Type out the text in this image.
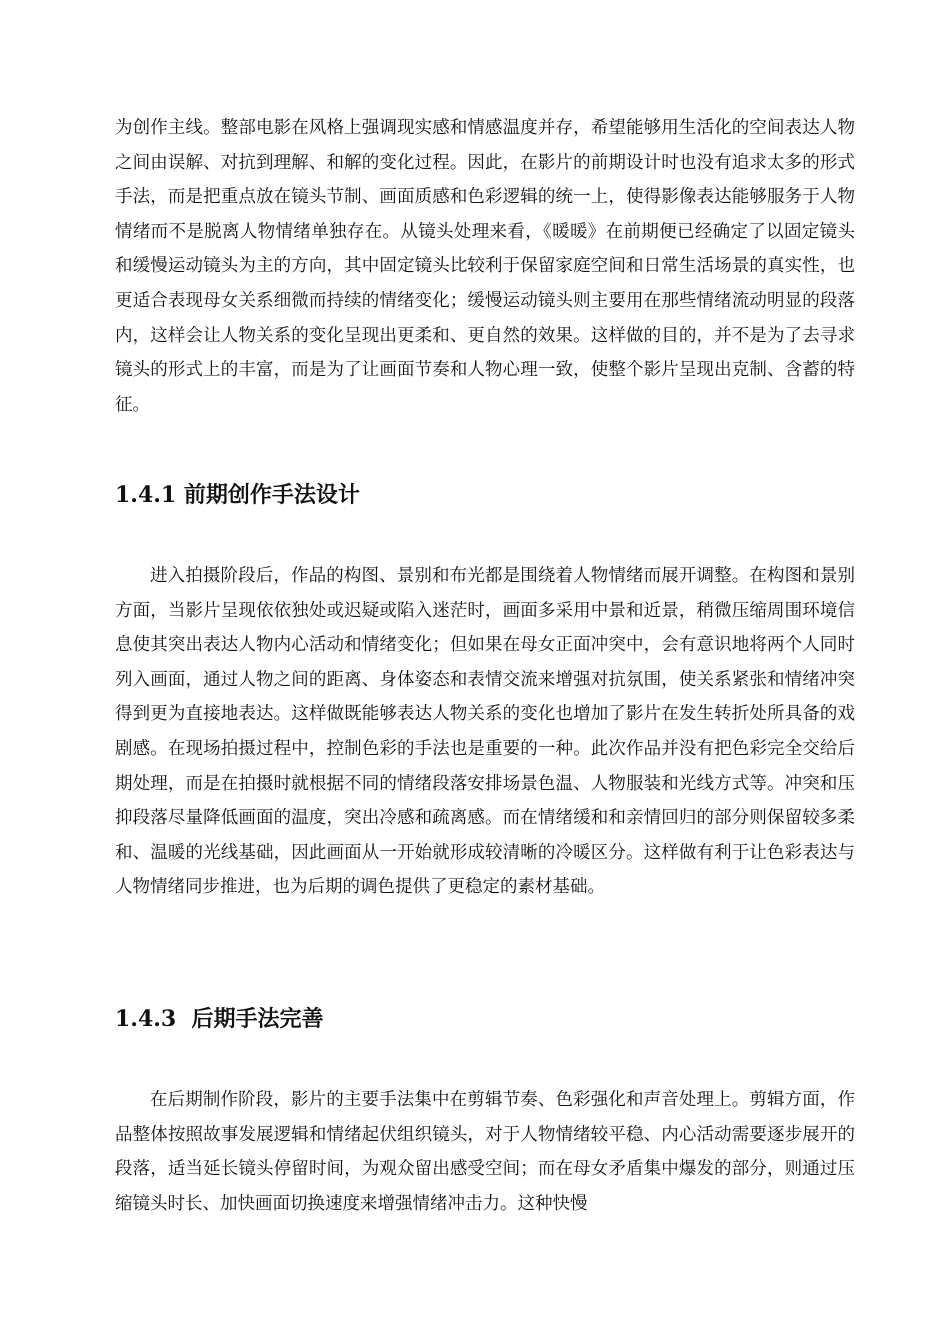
为创作主线。整部电影在风格上强调现实感和情感温度并存，希望能够用生活化的空间表达人物之间由误解、对抗到理解、和解的变化过程。因此，在影片的前期设计时也没有追求太多的形式手法，而是把重点放在镜头节制、画面质感和色彩逻辑的统一上，使得影像表达能够服务于人物情绪而不是脱离人物情绪单独存在。从镜头处理来看，《暖暖》在前期便已经确定了以固定镜头和缓慢运动镜头为主的方向，其中固定镜头比较利于保留家庭空间和日常生活场景的真实性，也更适合表现母女关系细微而持续的情绪变化；缓慢运动镜头则主要用在那些情绪流动明显的段落内，这样会让人物关系的变化呈现出更柔和、更自然的效果。这样做的目的，并不是为了去寻求镜头的形式上的丰富，而是为了让画面节奏和人物心理一致，使整个影片呈现出克制、含蓄的特征。

1.4.1 前期创作手法设计

进入拍摄阶段后，作品的构图、景别和布光都是围绕着人物情绪而展开调整。在构图和景别方面，当影片呈现依依独处或迟疑或陷入迷茫时，画面多采用中景和近景，稍微压缩周围环境信息使其突出表达人物内心活动和情绪变化；但如果在母女正面冲突中，会有意识地将两个人同时列入画面，通过人物之间的距离、身体姿态和表情交流来增强对抗氛围，使关系紧张和情绪冲突得到更为直接地表达。这样做既能够表达人物关系的变化也增加了影片在发生转折处所具备的戏剧感。在现场拍摄过程中，控制色彩的手法也是重要的一种。此次作品并没有把色彩完全交给后期处理，而是在拍摄时就根据不同的情绪段落安排场景色温、人物服装和光线方式等。冲突和压抑段落尽量降低画面的温度，突出冷感和疏离感。而在情绪缓和和亲情回归的部分则保留较多柔和、温暖的光线基础，因此画面从一开始就形成较清晰的冷暖区分。这样做有利于让色彩表达与人物情绪同步推进，也为后期的调色提供了更稳定的素材基础。

1.4.3  后期手法完善

在后期制作阶段，影片的主要手法集中在剪辑节奏、色彩强化和声音处理上。剪辑方面，作品整体按照故事发展逻辑和情绪起伏组织镜头，对于人物情绪较平稳、内心活动需要逐步展开的段落，适当延长镜头停留时间，为观众留出感受空间；而在母女矛盾集中爆发的部分，则通过压缩镜头时长、加快画面切换速度来增强情绪冲击力。这种快慢
